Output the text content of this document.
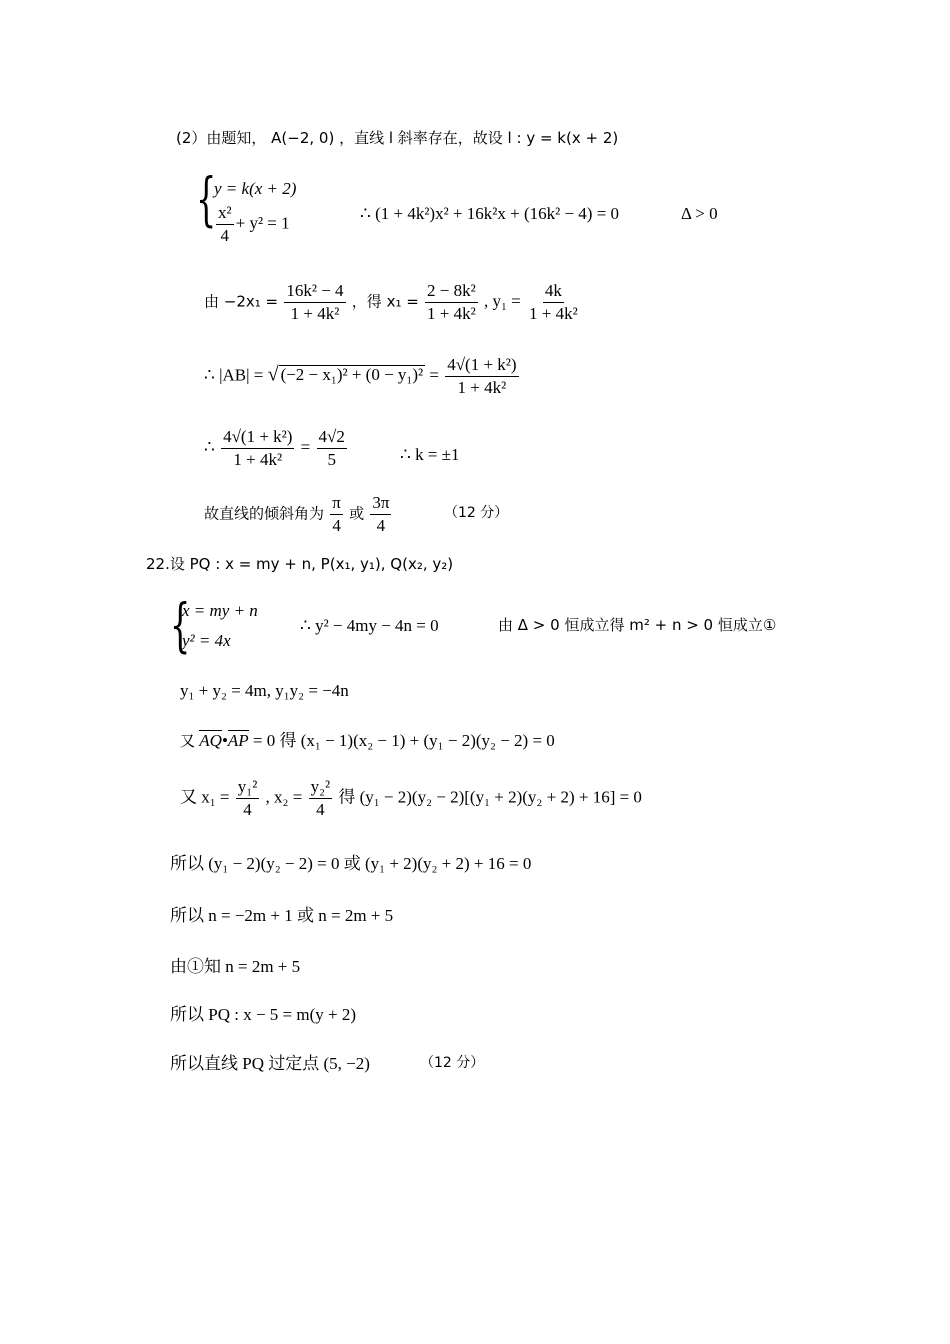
(2）由题知， A(−2, 0) ，直线 l 斜率存在，故设 l : y = k(x + 2)
{
y = k(x + 2)
$\frac{\text{x²}}{4} + y^2 = 1$	∴ (1 + 4k²)x² + 16k²x + (16k² − 4) = 0	Δ > 0
由 $-2x_1 = \frac{\text{16k² − 4}}{\text{1 + 4k²}}$ ，得 $x_1 = \frac{\text{2 − 8k²}}{\text{1 + 4k²}}$ , $y_1 = \frac{4k}{\text{1 + 4k²}}$
∴ |AB| = √ $(-2 - x_1)^2 + (0 - y_1)^2 = \frac{\text{4√(1 + k²)}}{\text{1 + 4k²}}$
∴ $\frac{\text{4√(1 + k²)}}{\text{1 + 4k²}} = \frac{4√2}{5}$	∴ k = ±1
故直线的倾斜角为 $\frac{\pi}{4}$ 或 $\frac{3\pi}{4}$	（12 分）
22.设 PQ : x = my + n, P(x₁, y₁), Q(x₂, y₂)
{
x = my + n
y² = 4x
∴ y² − 4my − 4n = 0	由 Δ > 0 恒成立得 m² + n > 0 恒成立①
y₁ + y₂ = 4m, y₁y₂ = −4n
又 AQ•AP = 0 得 (x₁ − 1)(x₂ − 1) + (y₁ − 2)(y₂ − 2) = 0
又 $x_1 = \frac{\text{y₁²}}{4}$ , $x_2 = \frac{\text{y₂²}}{4}$ 得 (y₁ − 2)(y₂ − 2)[(y₁ + 2)(y₂ + 2) + 16] = 0
所以 (y₁ − 2)(y₂ − 2) = 0 或 (y₁ + 2)(y₂ + 2) + 16 = 0
所以 n = −2m + 1 或 n = 2m + 5
由①知 n = 2m + 5
所以 PQ : x − 5 = m(y + 2)
所以直线 PQ 过定点 (5, −2)	（12 分）
